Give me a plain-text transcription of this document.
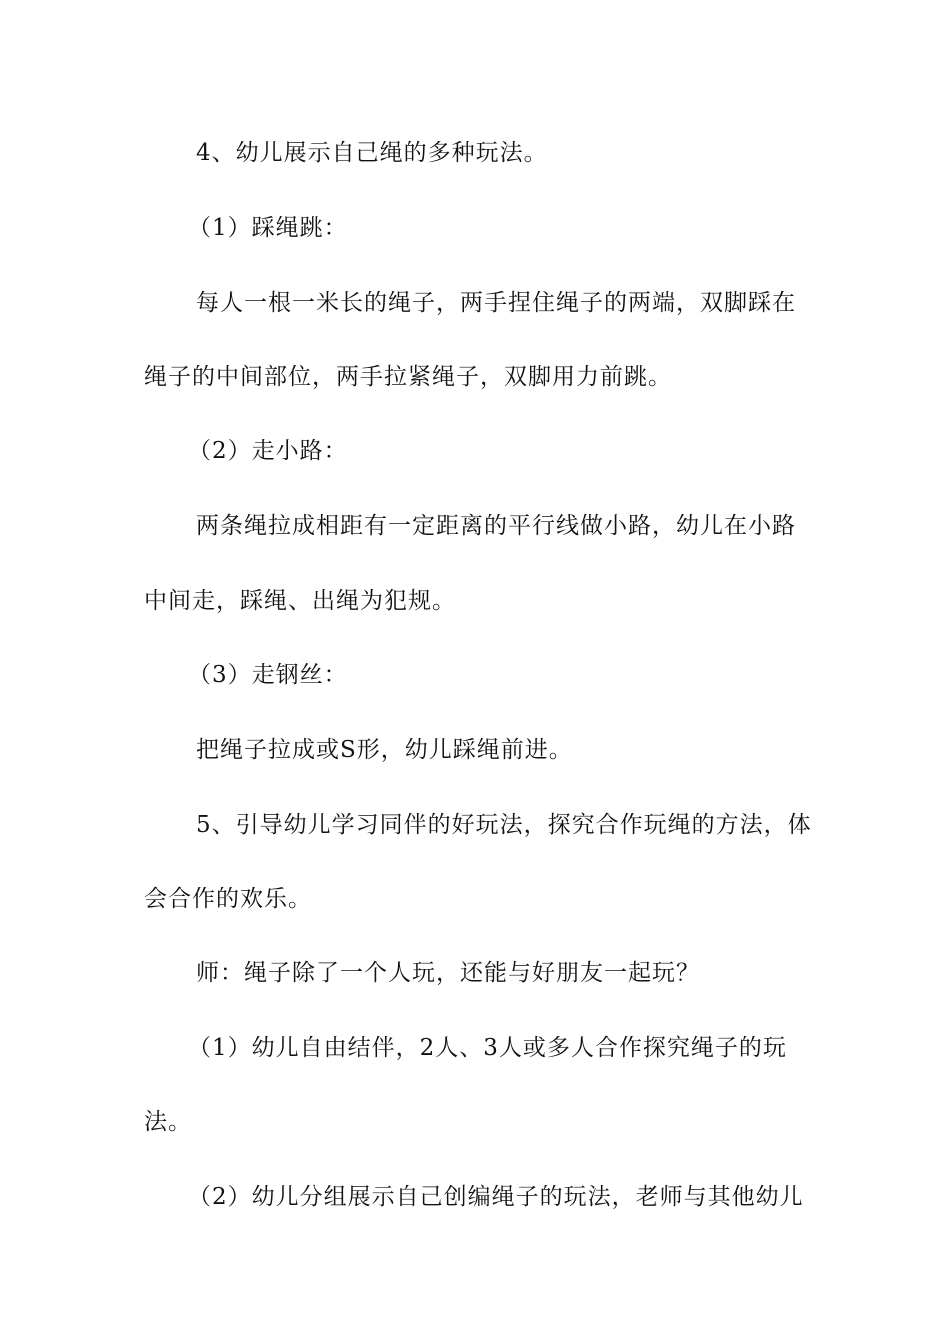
4、幼儿展示自己绳的多种玩法。
（1）踩绳跳：
每人一根一米长的绳子，两手捏住绳子的两端，双脚踩在
绳子的中间部位，两手拉紧绳子，双脚用力前跳。
（2）走小路：
两条绳拉成相距有一定距离的平行线做小路，幼儿在小路
中间走，踩绳、出绳为犯规。
（3）走钢丝：
把绳子拉成或S形，幼儿踩绳前进。
5、引导幼儿学习同伴的好玩法，探究合作玩绳的方法，体
会合作的欢乐。
师：绳子除了一个人玩，还能与好朋友一起玩？
（1）幼儿自由结伴，2人、3人或多人合作探究绳子的玩
法。
（2）幼儿分组展示自己创编绳子的玩法，老师与其他幼儿
